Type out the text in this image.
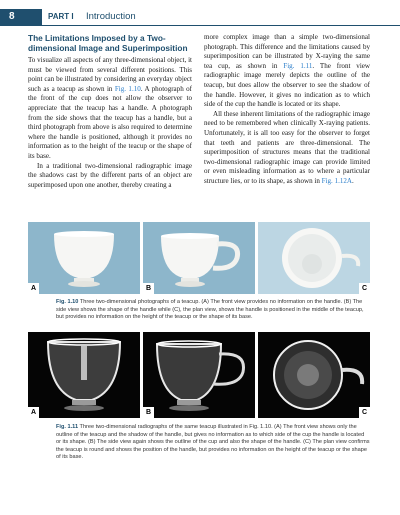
8	PART I Introduction
The Limitations Imposed by a Two-dimensional Image and Superimposition

To visualize all aspects of any three-dimensional object, it must be viewed from several different positions. This point can be illustrated by considering an everyday object such as a teacup as shown in Fig. 1.10. A photograph of the front of the cup does not allow the observer to appreciate that the teacup has a handle. A photograph from the side shows that the teacup has a handle, but a third photograph from above is also required to determine where the handle is positioned, although it provides no information as to the height of the teacup or the shape of its base.

In a traditional two-dimensional radiographic image the shadows cast by the different parts of an object are superimposed upon one another, thereby creating a

more complex image than a simple two-dimensional photograph. This difference and the limitations caused by superimposition can be illustrated by X-raying the same tea cup, as shown in Fig. 1.11. The front view radiographic image merely depicts the outline of the teacup, but does allow the observer to see the shadow of the handle. However, it gives no indication as to which side of the cup the handle is located or its shape.

All these inherent limitations of the radiographic image need to be remembered when clinically X-raying patients. Unfortunately, it is all too easy for the observer to forget that teeth and patients are three-dimensional. The superimposition of structures means that the traditional two-dimensional radiographic image can provide limited or even misleading information as to where a particular structure lies, or to its shape, as shown in Fig. 1.12A.

A	B	C
Fig. 1.10 Three two-dimensional photographs of a teacup. (A) The front view provides no information on the handle. (B) The side view shows the shape of the handle while (C), the plan view, shows the handle is positioned in the middle of the teacup, but provides no information on the height of the teacup or the shape of its base.
A	B	C
Fig. 1.11 Three two-dimensional radiographs of the same teacup illustrated in Fig. 1.10. (A) The front view shows only the outline of the teacup and the shadow of the handle, but gives no information as to which side of the cup the handle is located or its shape. (B) The side view again shows the outline of the cup and also the shape of the handle. (C) The plan view confirms the teacup is round and shows the position of the handle, but provides no information on the height of the teacup or the shape of its base.
